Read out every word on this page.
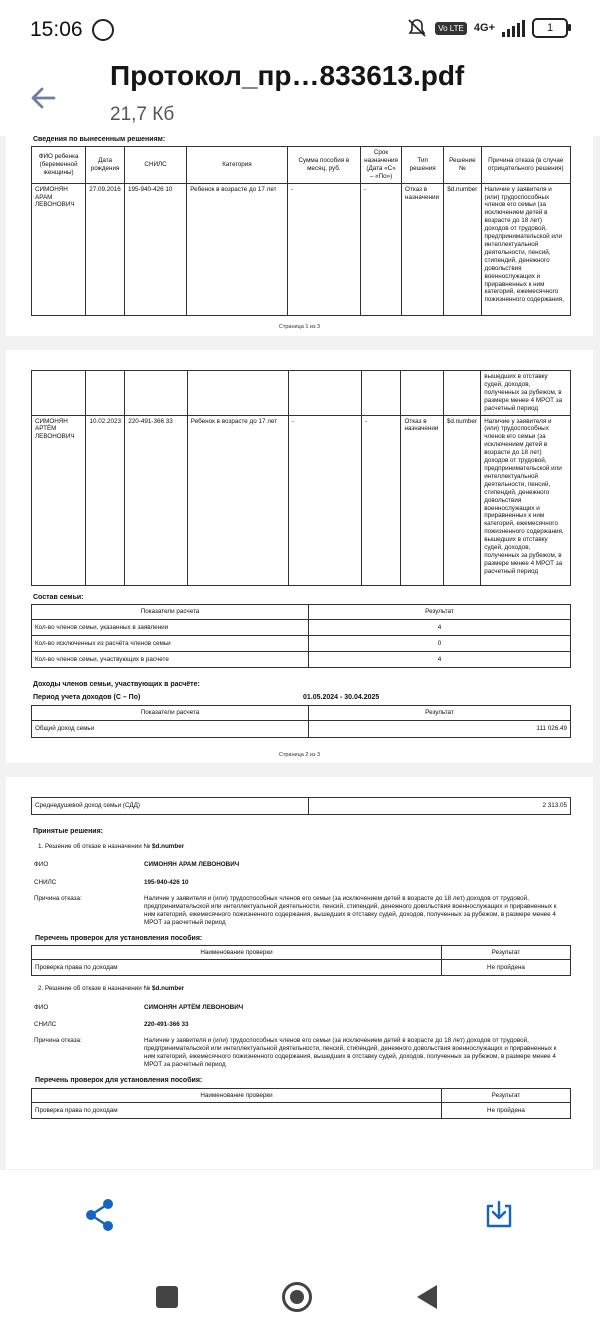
15:06	Vo LTE 4G+	1
Протокол_пр…833613.pdf
21,7 Кб
Сведения по вынесенным решениям:
ФИО ребенка (беременной женщины)	Дата рождения	СНИЛС	Категория	Сумма пособия в месяц, руб.	Срок назначения (Дата «С» – «По»)	Тип решения	Решение №	Причина отказа (в случае отрицательного решения)
СИМОНЯН АРАМ ЛЕВОНОВИЧ	27.09.2016	195-940-426 10	Ребенок в возрасте до 17 лет	-	-	Отказ в назначении	$d.number	Наличие у заявителя и (или) трудоспособных членов его семьи (за исключением детей в возрасте до 18 лет) доходов от трудовой, предпринимательской или интеллектуальной деятельности, пенсий, стипендий, денежного довольствия военнослужащих и приравненных к ним категорий, ежемесячного пожизненного содержания,
Страница 1 из 3
								вышедших в отставку судей, доходов, полученных за рубежом, в размере менее 4 МРОТ за расчетный период
СИМОНЯН АРТЁМ ЛЕВОНОВИЧ	10.02.2023	220-491-366 33	Ребенок в возрасте до 17 лет	-	-	Отказ в назначении	$d.number	Наличие у заявителя и (или) трудоспособных членов его семьи (за исключением детей в возрасте до 18 лет) доходов от трудовой, предпринимательской или интеллектуальной деятельности, пенсий, стипендий, денежного довольствия военнослужащих и приравненных к ним категорий, ежемесячного пожизненного содержания, вышедших в отставку судей, доходов, полученных за рубежом, в размере менее 4 МРОТ за расчетный период
Состав семьи:
Показатели расчета	Результат
Кол-во членов семьи, указанных в заявлении	4
Кол-во исключенных из расчёта членов семьи	0
Кол-во членов семьи, участвующих в расчете	4
Доходы членов семьи, участвующих в расчёте:
Период учета доходов (С – По)	01.05.2024 - 30.04.2025
Показатели расчета	Результат
Общий доход семьи	111 026.49
Страница 2 из 3
Среднедушевой доход семьи (СДД)	2 313.05
Принятые решения:
1. Решение об отказе в назначении № $d.number
ФИО	СИМОНЯН АРАМ ЛЕВОНОВИЧ
СНИЛС	195-940-426 10
Причина отказа:	Наличие у заявителя и (или) трудоспособных членов его семьи (за исключением детей в возрасте до 18 лет) доходов от трудовой, предпринимательской или интеллектуальной деятельности, пенсий, стипендий, денежного довольствия военнослужащих и приравненных к ним категорий, ежемесячного пожизненного содержания, вышедших в отставку судей, доходов, полученных за рубежом, в размере менее 4 МРОТ за расчетный период
Перечень проверок для установления пособия:
Наименование проверки	Результат
Проверка права по доходам	Не пройдена
2. Решение об отказе в назначении № $d.number
ФИО	СИМОНЯН АРТЁМ ЛЕВОНОВИЧ
СНИЛС	220-491-366 33
Причина отказа:	Наличие у заявителя и (или) трудоспособных членов его семьи (за исключением детей в возрасте до 18 лет) доходов от трудовой, предпринимательской или интеллектуальной деятельности, пенсий, стипендий, денежного довольствия военнослужащих и приравненных к ним категорий, ежемесячного пожизненного содержания, вышедших в отставку судей, доходов, полученных за рубежом, в размере менее 4 МРОТ за расчетный период
Перечень проверок для установления пособия:
Наименование проверки	Результат
Проверка права по доходам	Не пройдена
